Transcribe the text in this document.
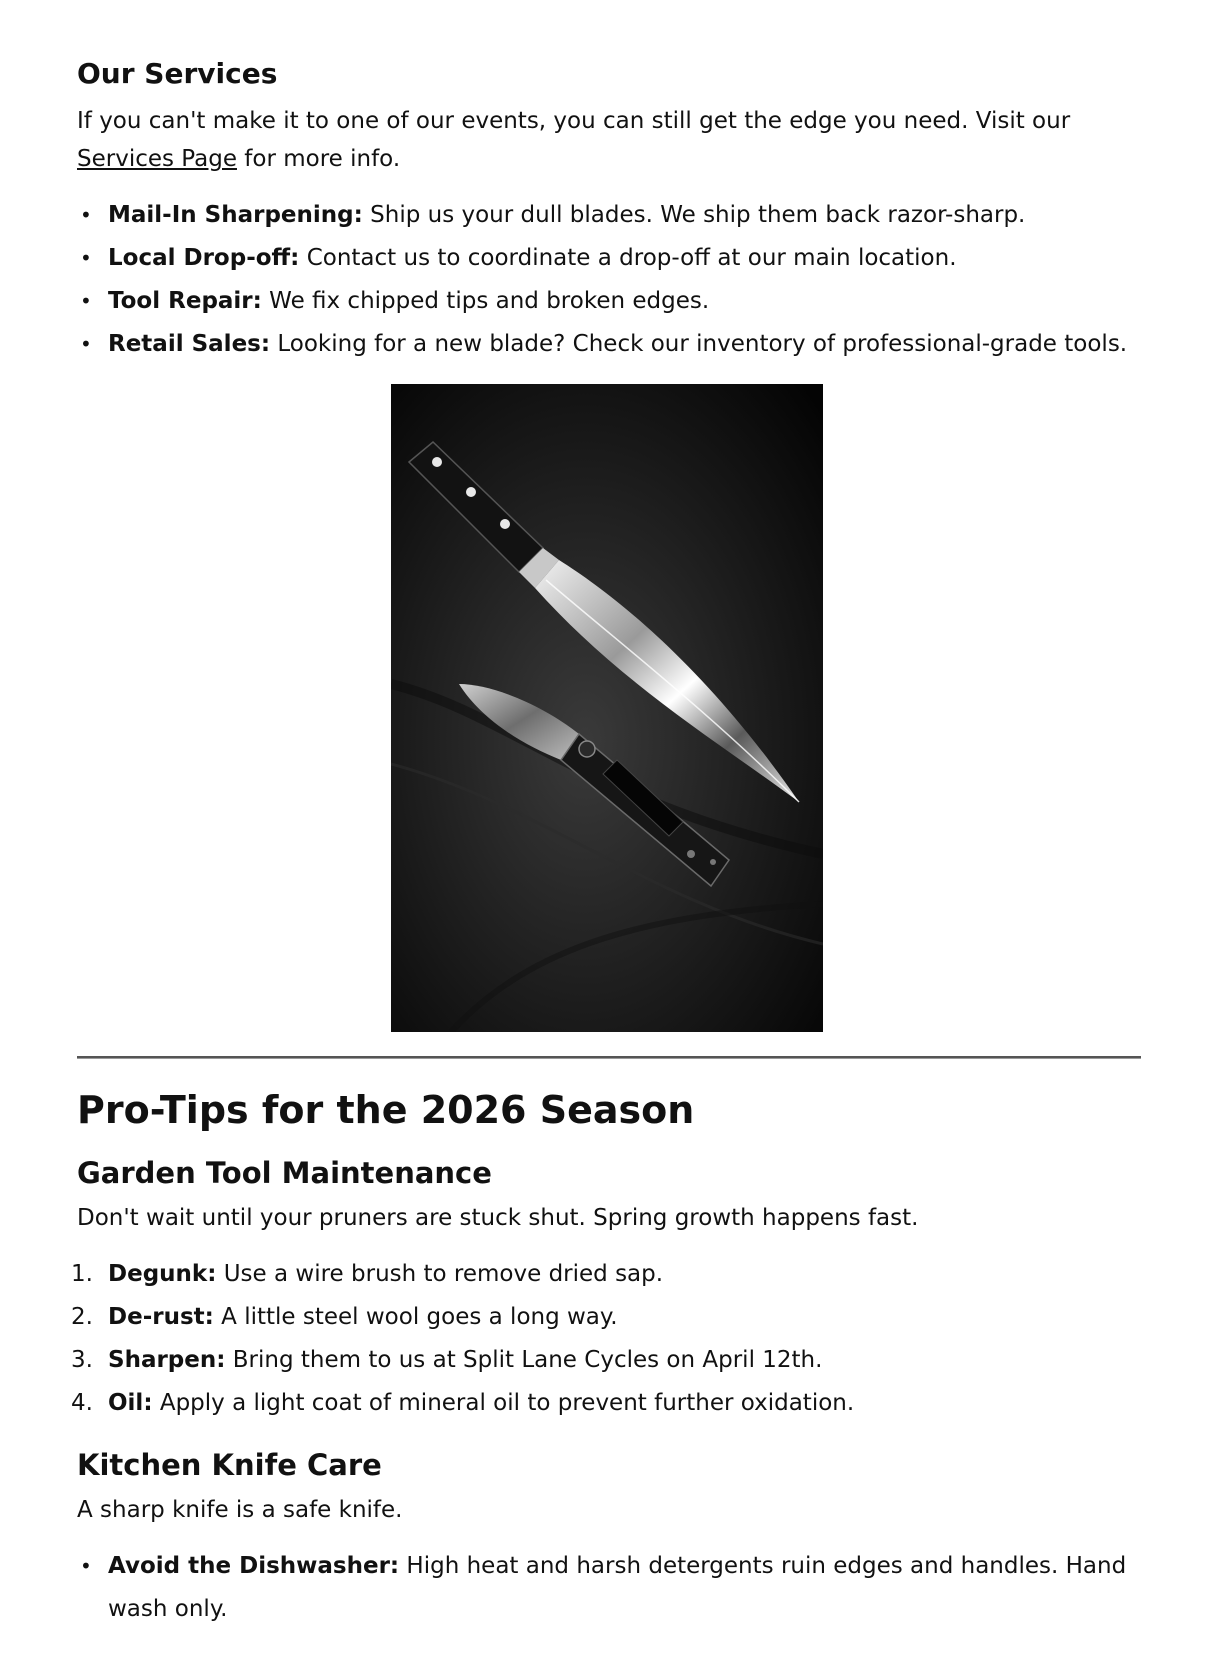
Our Services

If you can't make it to one of our events, you can still get the edge you need. Visit our Services Page for more info.

• Mail-In Sharpening: Ship us your dull blades. We ship them back razor-sharp.
• Local Drop-off: Contact us to coordinate a drop-off at our main location.
• Tool Repair: We fix chipped tips and broken edges.
• Retail Sales: Looking for a new blade? Check our inventory of professional-grade tools.
Pro-Tips for the 2026 Season
Garden Tool Maintenance

Don't wait until your pruners are stuck shut. Spring growth happens fast.

1. Degunk: Use a wire brush to remove dried sap.
2. De-rust: A little steel wool goes a long way.
3. Sharpen: Bring them to us at Split Lane Cycles on April 12th.
4. Oil: Apply a light coat of mineral oil to prevent further oxidation.
Kitchen Knife Care

A sharp knife is a safe knife.

• Avoid the Dishwasher: High heat and harsh detergents ruin edges and handles. Hand wash only.
